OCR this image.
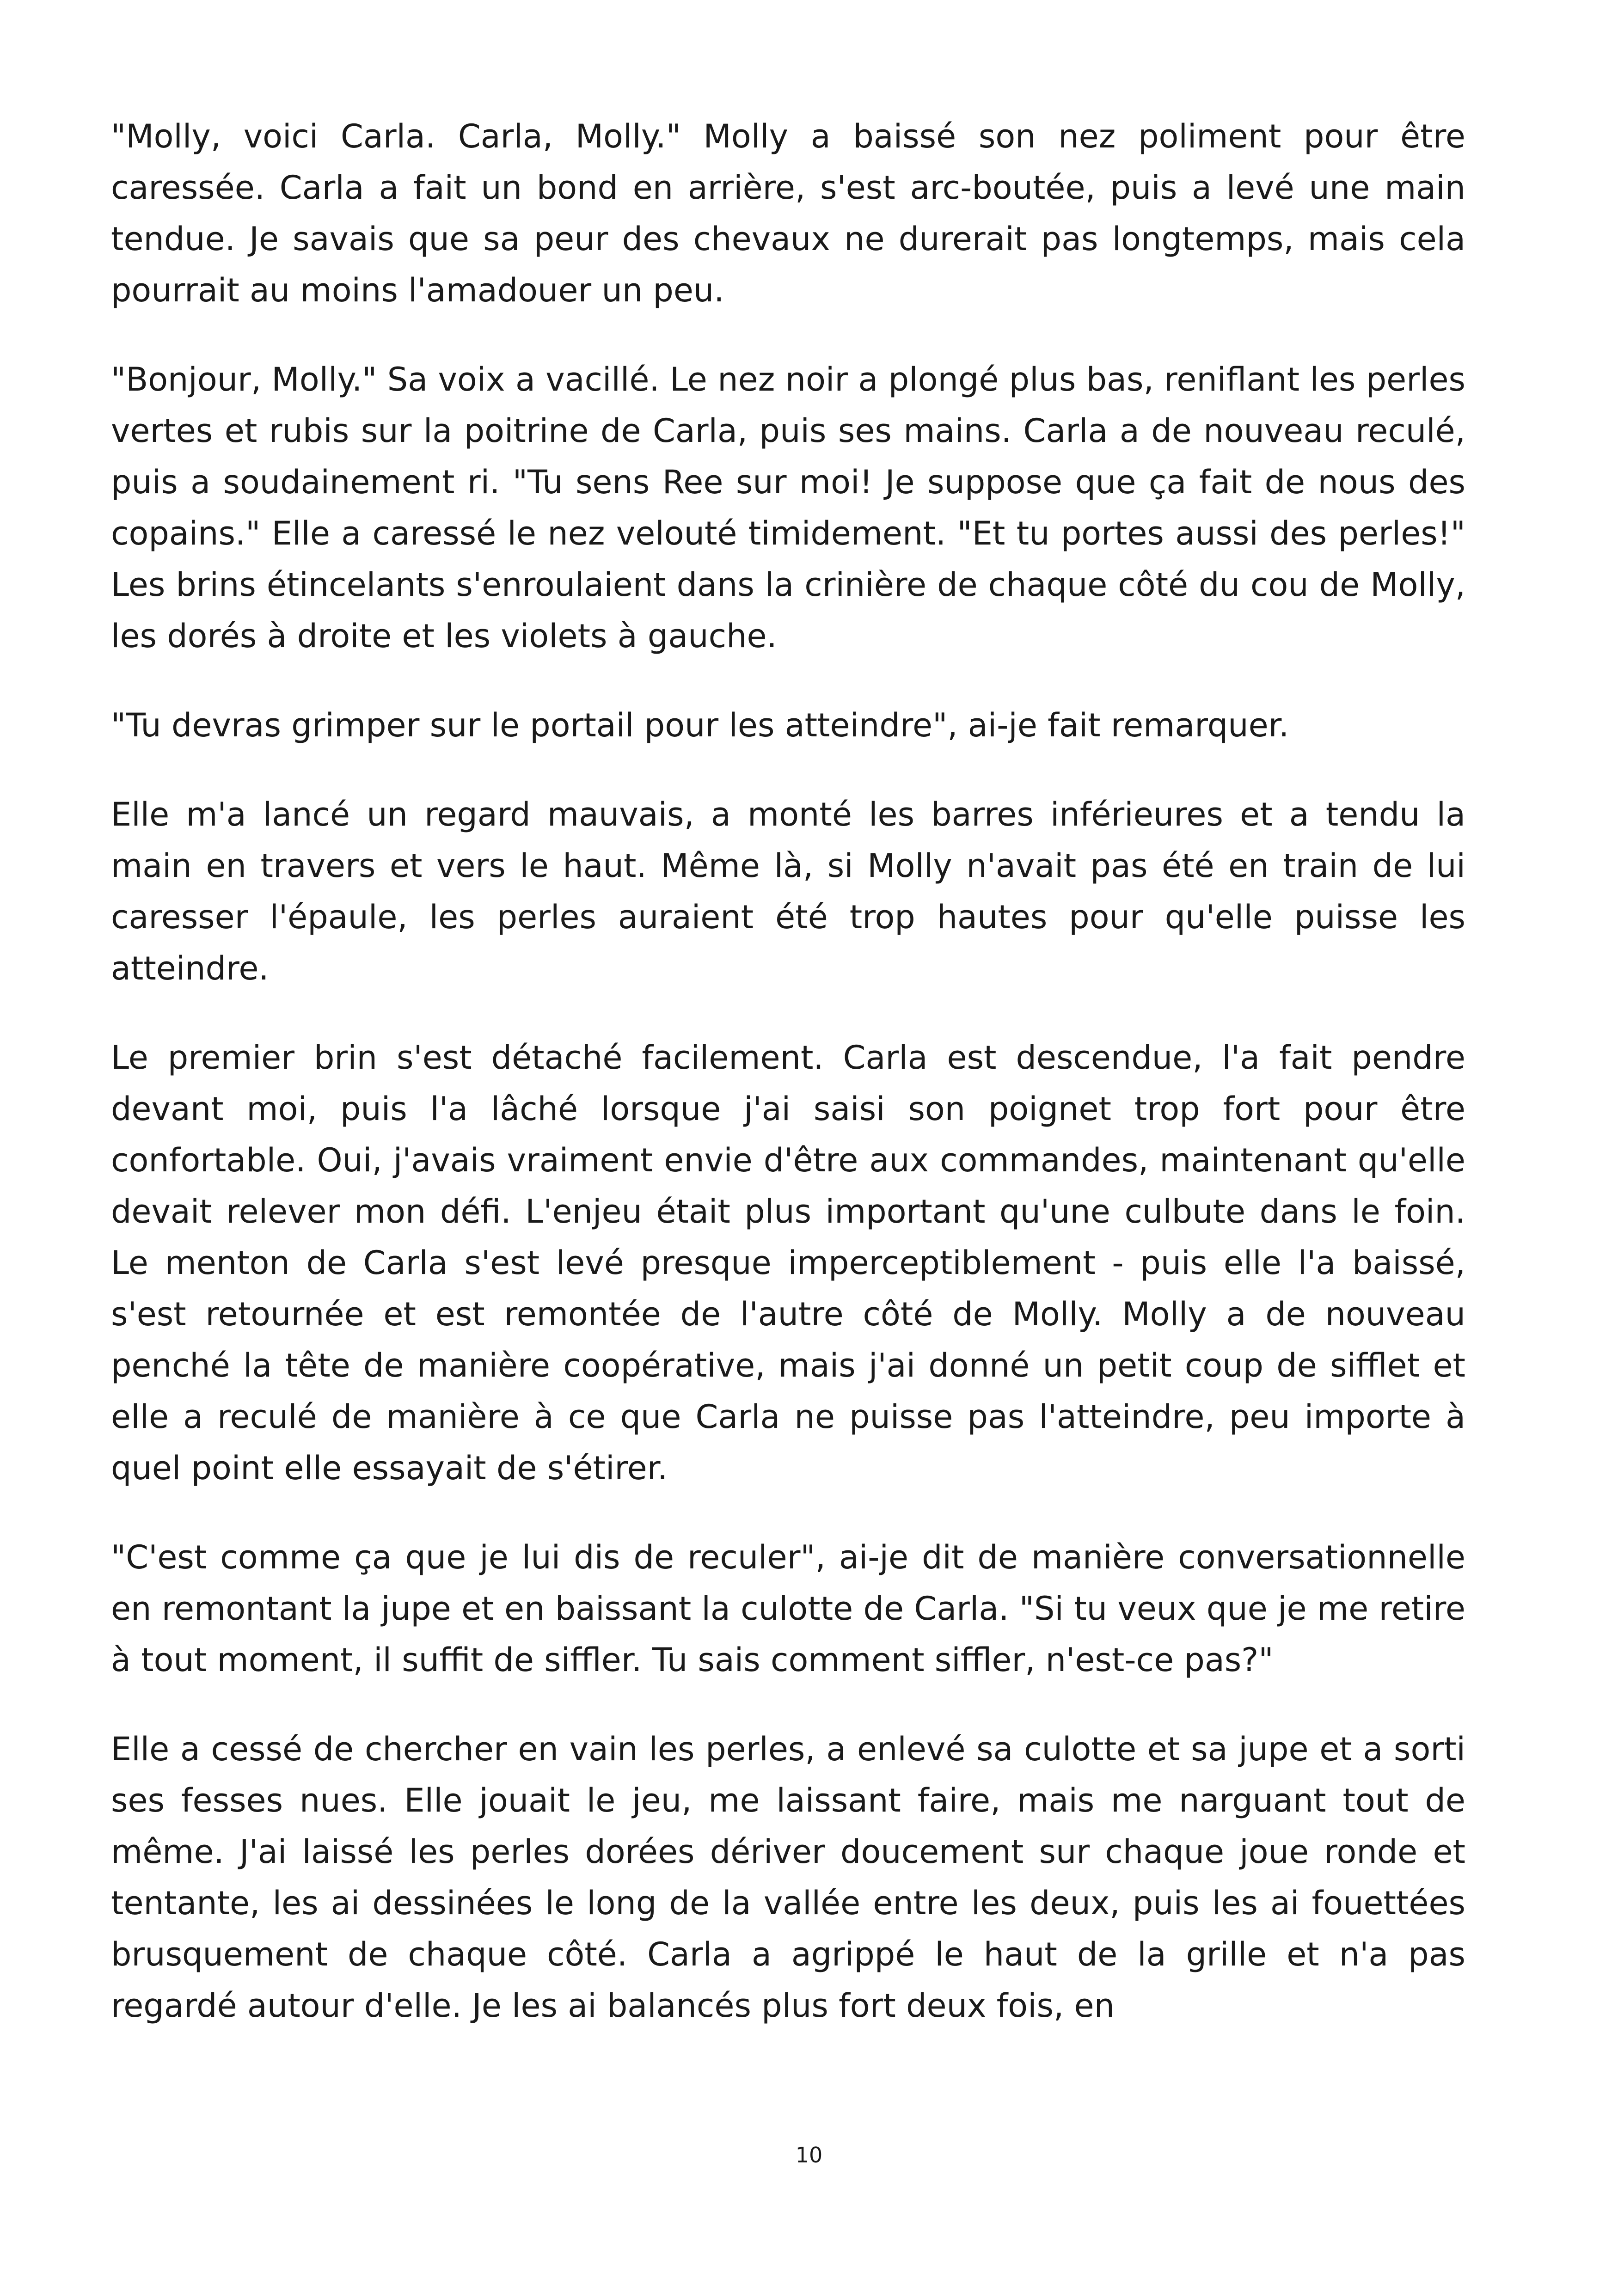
"Molly, voici Carla. Carla, Molly." Molly a baissé son nez poliment pour être caressée. Carla a fait un bond en arrière, s'est arc-boutée, puis a levé une main tendue. Je savais que sa peur des chevaux ne durerait pas longtemps, mais cela pourrait au moins l'amadouer un peu.

"Bonjour, Molly." Sa voix a vacillé. Le nez noir a plongé plus bas, reniflant les perles vertes et rubis sur la poitrine de Carla, puis ses mains. Carla a de nouveau reculé, puis a soudainement ri. "Tu sens Ree sur moi! Je suppose que ça fait de nous des copains." Elle a caressé le nez velouté timidement. "Et tu portes aussi des perles!" Les brins étincelants s'enroulaient dans la crinière de chaque côté du cou de Molly, les dorés à droite et les violets à gauche.

"Tu devras grimper sur le portail pour les atteindre", ai-je fait remarquer.

Elle m'a lancé un regard mauvais, a monté les barres inférieures et a tendu la main en travers et vers le haut. Même là, si Molly n'avait pas été en train de lui caresser l'épaule, les perles auraient été trop hautes pour qu'elle puisse les atteindre.

Le premier brin s'est détaché facilement. Carla est descendue, l'a fait pendre devant moi, puis l'a lâché lorsque j'ai saisi son poignet trop fort pour être confortable. Oui, j'avais vraiment envie d'être aux commandes, maintenant qu'elle devait relever mon défi. L'enjeu était plus important qu'une culbute dans le foin. Le menton de Carla s'est levé presque imperceptiblement - puis elle l'a baissé, s'est retournée et est remontée de l'autre côté de Molly. Molly a de nouveau penché la tête de manière coopérative, mais j'ai donné un petit coup de sifflet et elle a reculé de manière à ce que Carla ne puisse pas l'atteindre, peu importe à quel point elle essayait de s'étirer.

"C'est comme ça que je lui dis de reculer", ai-je dit de manière conversationnelle en remontant la jupe et en baissant la culotte de Carla. "Si tu veux que je me retire à tout moment, il suffit de siffler. Tu sais comment siffler, n'est-ce pas?"

Elle a cessé de chercher en vain les perles, a enlevé sa culotte et sa jupe et a sorti ses fesses nues. Elle jouait le jeu, me laissant faire, mais me narguant tout de même. J'ai laissé les perles dorées dériver doucement sur chaque joue ronde et tentante, les ai dessinées le long de la vallée entre les deux, puis les ai fouettées brusquement de chaque côté. Carla a agrippé le haut de la grille et n'a pas regardé autour d'elle. Je les ai balancés plus fort deux fois, en

10
